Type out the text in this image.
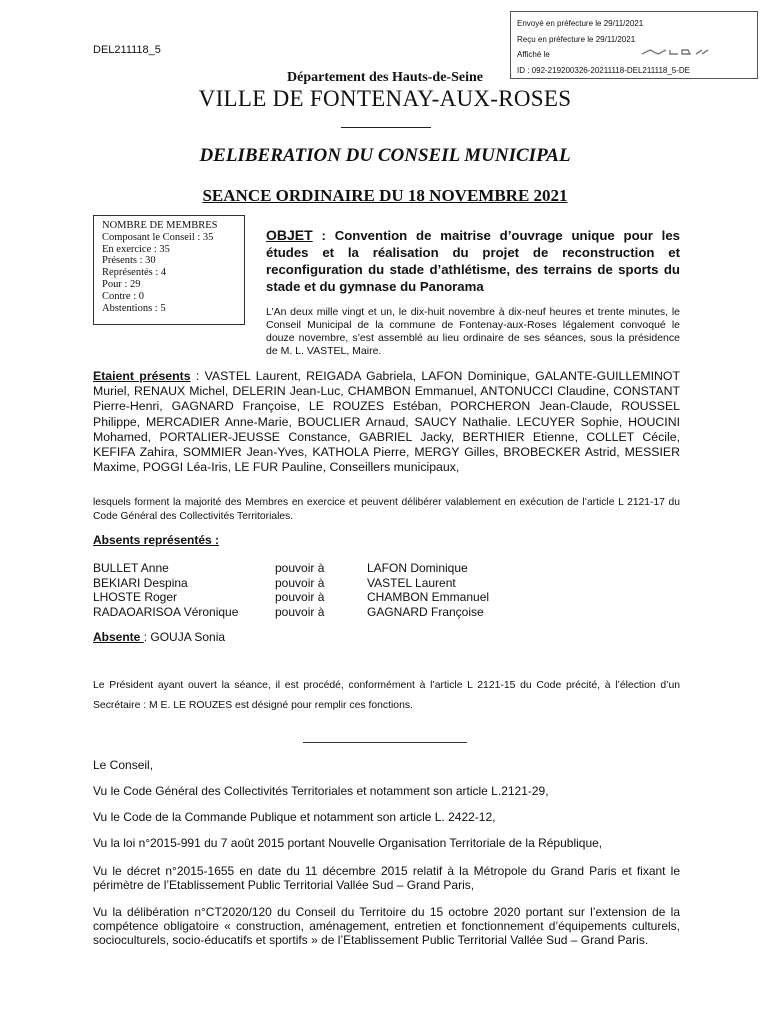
Envoyé en préfecture le 29/11/2021
Reçu en préfecture le 29/11/2021
Affiché le
ID : 092-219200326-20211118-DEL211118_5-DE
DEL211118_5
Département des Hauts-de-Seine
VILLE DE FONTENAY-AUX-ROSES
DELIBERATION DU CONSEIL MUNICIPAL
SEANCE ORDINAIRE DU 18 NOVEMBRE 2021
NOMBRE DE MEMBRES
Composant le Conseil : 35
En exercice : 35
Présents : 30
Représentés : 4
Pour : 29
Contre : 0
Abstentions : 5
OBJET : Convention de maitrise d’ouvrage unique pour les études et la réalisation du projet de reconstruction et reconfiguration du stade d’athlétisme, des terrains de sports du stade et du gymnase du Panorama
L’An deux mille vingt et un, le dix-huit novembre à dix-neuf heures et trente minutes, le Conseil Municipal de la commune de Fontenay-aux-Roses légalement convoqué le douze novembre, s’est assemblé au lieu ordinaire de ses séances, sous la présidence de M. L. VASTEL, Maire.
Etaient présents : VASTEL Laurent, REIGADA Gabriela, LAFON Dominique, GALANTE-GUILLEMINOT Muriel, RENAUX Michel, DELERIN Jean-Luc, CHAMBON Emmanuel, ANTONUCCI Claudine, CONSTANT Pierre-Henri, GAGNARD Françoise, LE ROUZES Estéban, PORCHERON Jean-Claude, ROUSSEL Philippe, MERCADIER Anne-Marie, BOUCLIER Arnaud, SAUCY Nathalie. LECUYER Sophie, HOUCINI Mohamed, PORTALIER-JEUSSE Constance, GABRIEL Jacky, BERTHIER Etienne, COLLET Cécile, KEFIFA Zahira, SOMMIER Jean-Yves, KATHOLA Pierre, MERGY Gilles, BROBECKER Astrid, MESSIER Maxime, POGGI Léa-Iris, LE FUR Pauline, Conseillers municipaux,
lesquels forment la majorité des Membres en exercice et peuvent délibérer valablement en exécution de l’article L 2121-17 du Code Général des Collectivités Territoriales.
Absents représentés :
BULLET Anne	pouvoir à	LAFON Dominique
BEKIARI Despina	pouvoir à	VASTEL Laurent
LHOSTE Roger	pouvoir à	CHAMBON Emmanuel
RADAOARISOA Véronique	pouvoir à	GAGNARD Françoise
Absente : GOUJA Sonia
Le Président ayant ouvert la séance, il est procédé, conformément à l’article L 2121-15 du Code précité, à l’élection d’un Secrétaire : M E. LE ROUZES est désigné pour remplir ces fonctions.
Le Conseil,
Vu le Code Général des Collectivités Territoriales et notamment son article L.2121-29,
Vu le Code de la Commande Publique et notamment son article L. 2422-12,
Vu la loi n°2015-991 du 7 août 2015 portant Nouvelle Organisation Territoriale de la République,
Vu le décret n°2015-1655 en date du 11 décembre 2015 relatif à la Métropole du Grand Paris et fixant le périmètre de l’Etablissement Public Territorial Vallée Sud – Grand Paris,
Vu la délibération n°CT2020/120 du Conseil du Territoire du 15 octobre 2020 portant sur l’extension de la compétence obligatoire « construction, aménagement, entretien et fonctionnement d’équipements culturels, socioculturels, socio-éducatifs et sportifs » de l’Etablissement Public Territorial Vallée Sud – Grand Paris.
